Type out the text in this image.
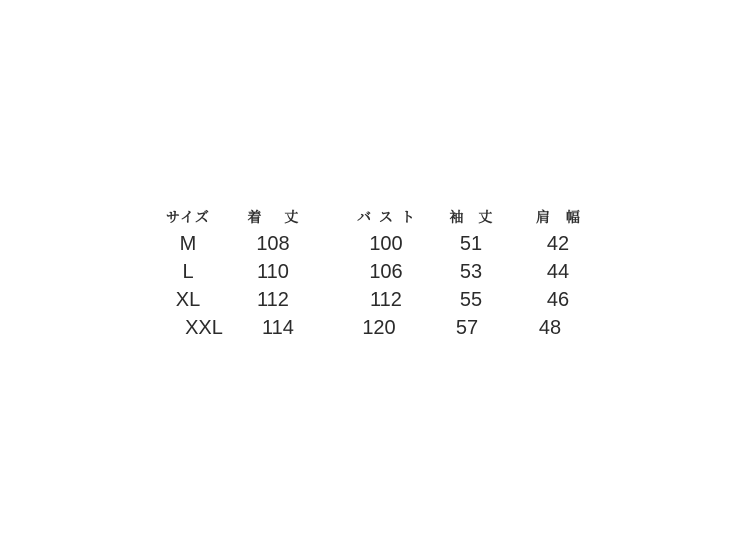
サイズ	着 丈	バ ス ト	袖 丈	肩 幅
M	108	100	51	42
L	110	106	53	44
XL	112	112	55	46
XXL	114	120	57	48
